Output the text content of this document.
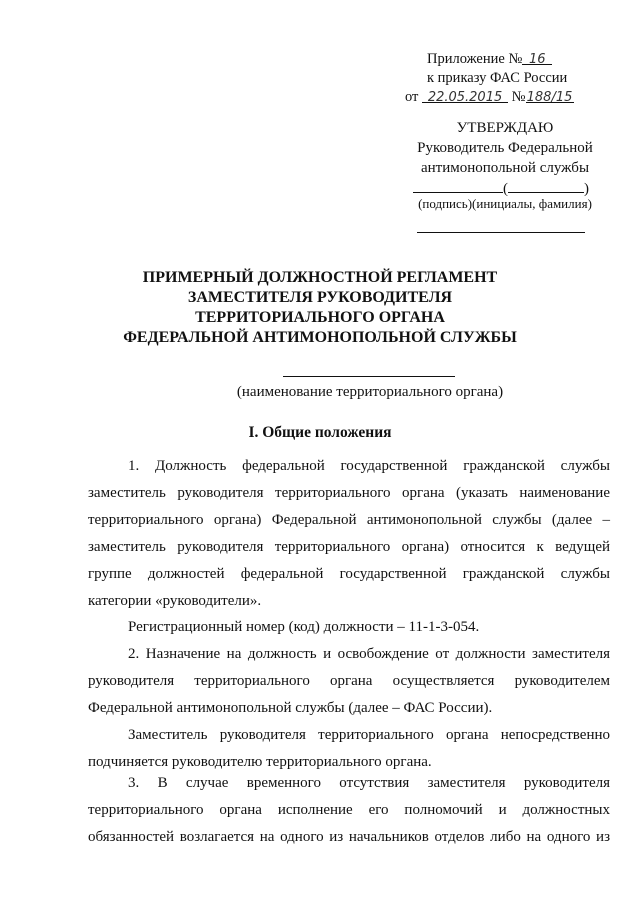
Приложение № 16
к приказу ФАС России
от 22.05.2015 №188/15
УТВЕРЖДАЮ
Руководитель Федеральной
антимонопольной службы
(	)
(подпись)(инициалы, фамилия)
ПРИМЕРНЫЙ ДОЛЖНОСТНОЙ РЕГЛАМЕНТ
ЗАМЕСТИТЕЛЯ РУКОВОДИТЕЛЯ
ТЕРРИТОРИАЛЬНОГО ОРГАНА
ФЕДЕРАЛЬНОЙ АНТИМОНОПОЛЬНОЙ СЛУЖБЫ
(наименование территориального органа)
I. Общие положения

1. Должность федеральной государственной гражданской службы

заместитель руководителя территориального органа (указать наименование

территориального органа) Федеральной антимонопольной службы (далее –

заместитель руководителя территориального органа) относится к ведущей

группе должностей федеральной государственной гражданской службы

категории «руководители».

Регистрационный номер (код) должности – 11-1-3-054.

2. Назначение на должность и освобождение от должности заместителя

руководителя территориального органа осуществляется руководителем

Федеральной антимонопольной службы (далее – ФАС России).

Заместитель руководителя территориального органа непосредственно

подчиняется руководителю территориального органа.

3. В случае временного отсутствия заместителя руководителя

территориального органа исполнение его полномочий и должностных

обязанностей возлагается на одного из начальников отделов либо на одного из
